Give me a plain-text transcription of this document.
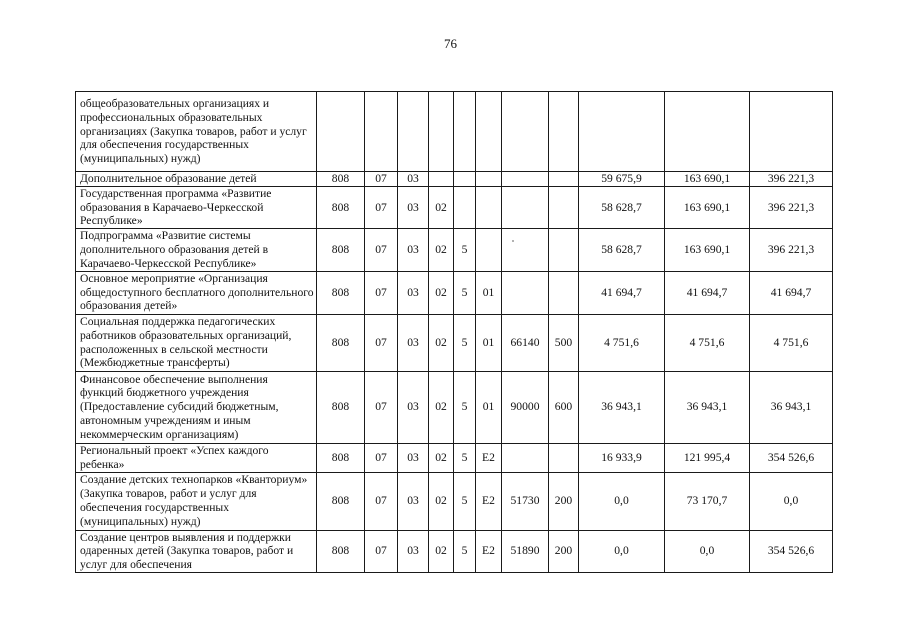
76
общеобразовательных организациях и профессиональных образовательных организациях (Закупка товаров, работ и услуг для обеспечения государственных (муниципальных) нужд)											
Дополнительное образование детей	808	07	03						59 675,9	163 690,1	396 221,3
Государственная программа «Развитие образования в Карачаево-Черкесской Республике»	808	07	03	02					58 628,7	163 690,1	396 221,3
Подпрограмма «Развитие системы дополнительного образования детей в Карачаево-Черкесской Республике»	808	07	03	02	5				58 628,7	163 690,1	396 221,3
Основное мероприятие «Организация общедоступного бесплатного дополнительного образования детей»	808	07	03	02	5	01			41 694,7	41 694,7	41 694,7
Социальная поддержка педагогических работников образовательных организаций, расположенных в сельской местности (Межбюджетные трансферты)	808	07	03	02	5	01	66140	500	4 751,6	4 751,6	4 751,6
Финансовое обеспечение выполнения функций бюджетного учреждения (Предоставление субсидий бюджетным, автономным учреждениям и иным некоммерческим организациям)	808	07	03	02	5	01	90000	600	36 943,1	36 943,1	36 943,1
Региональный проект «Успех каждого ребенка»	808	07	03	02	5	E2			16 933,9	121 995,4	354 526,6
Создание детских технопарков «Кванториум» (Закупка товаров, работ и услуг для обеспечения государственных (муниципальных) нужд)	808	07	03	02	5	E2	51730	200	0,0	73 170,7	0,0
Создание центров выявления и поддержки одаренных детей (Закупка товаров, работ и услуг для обеспечения	808	07	03	02	5	E2	51890	200	0,0	0,0	354 526,6
